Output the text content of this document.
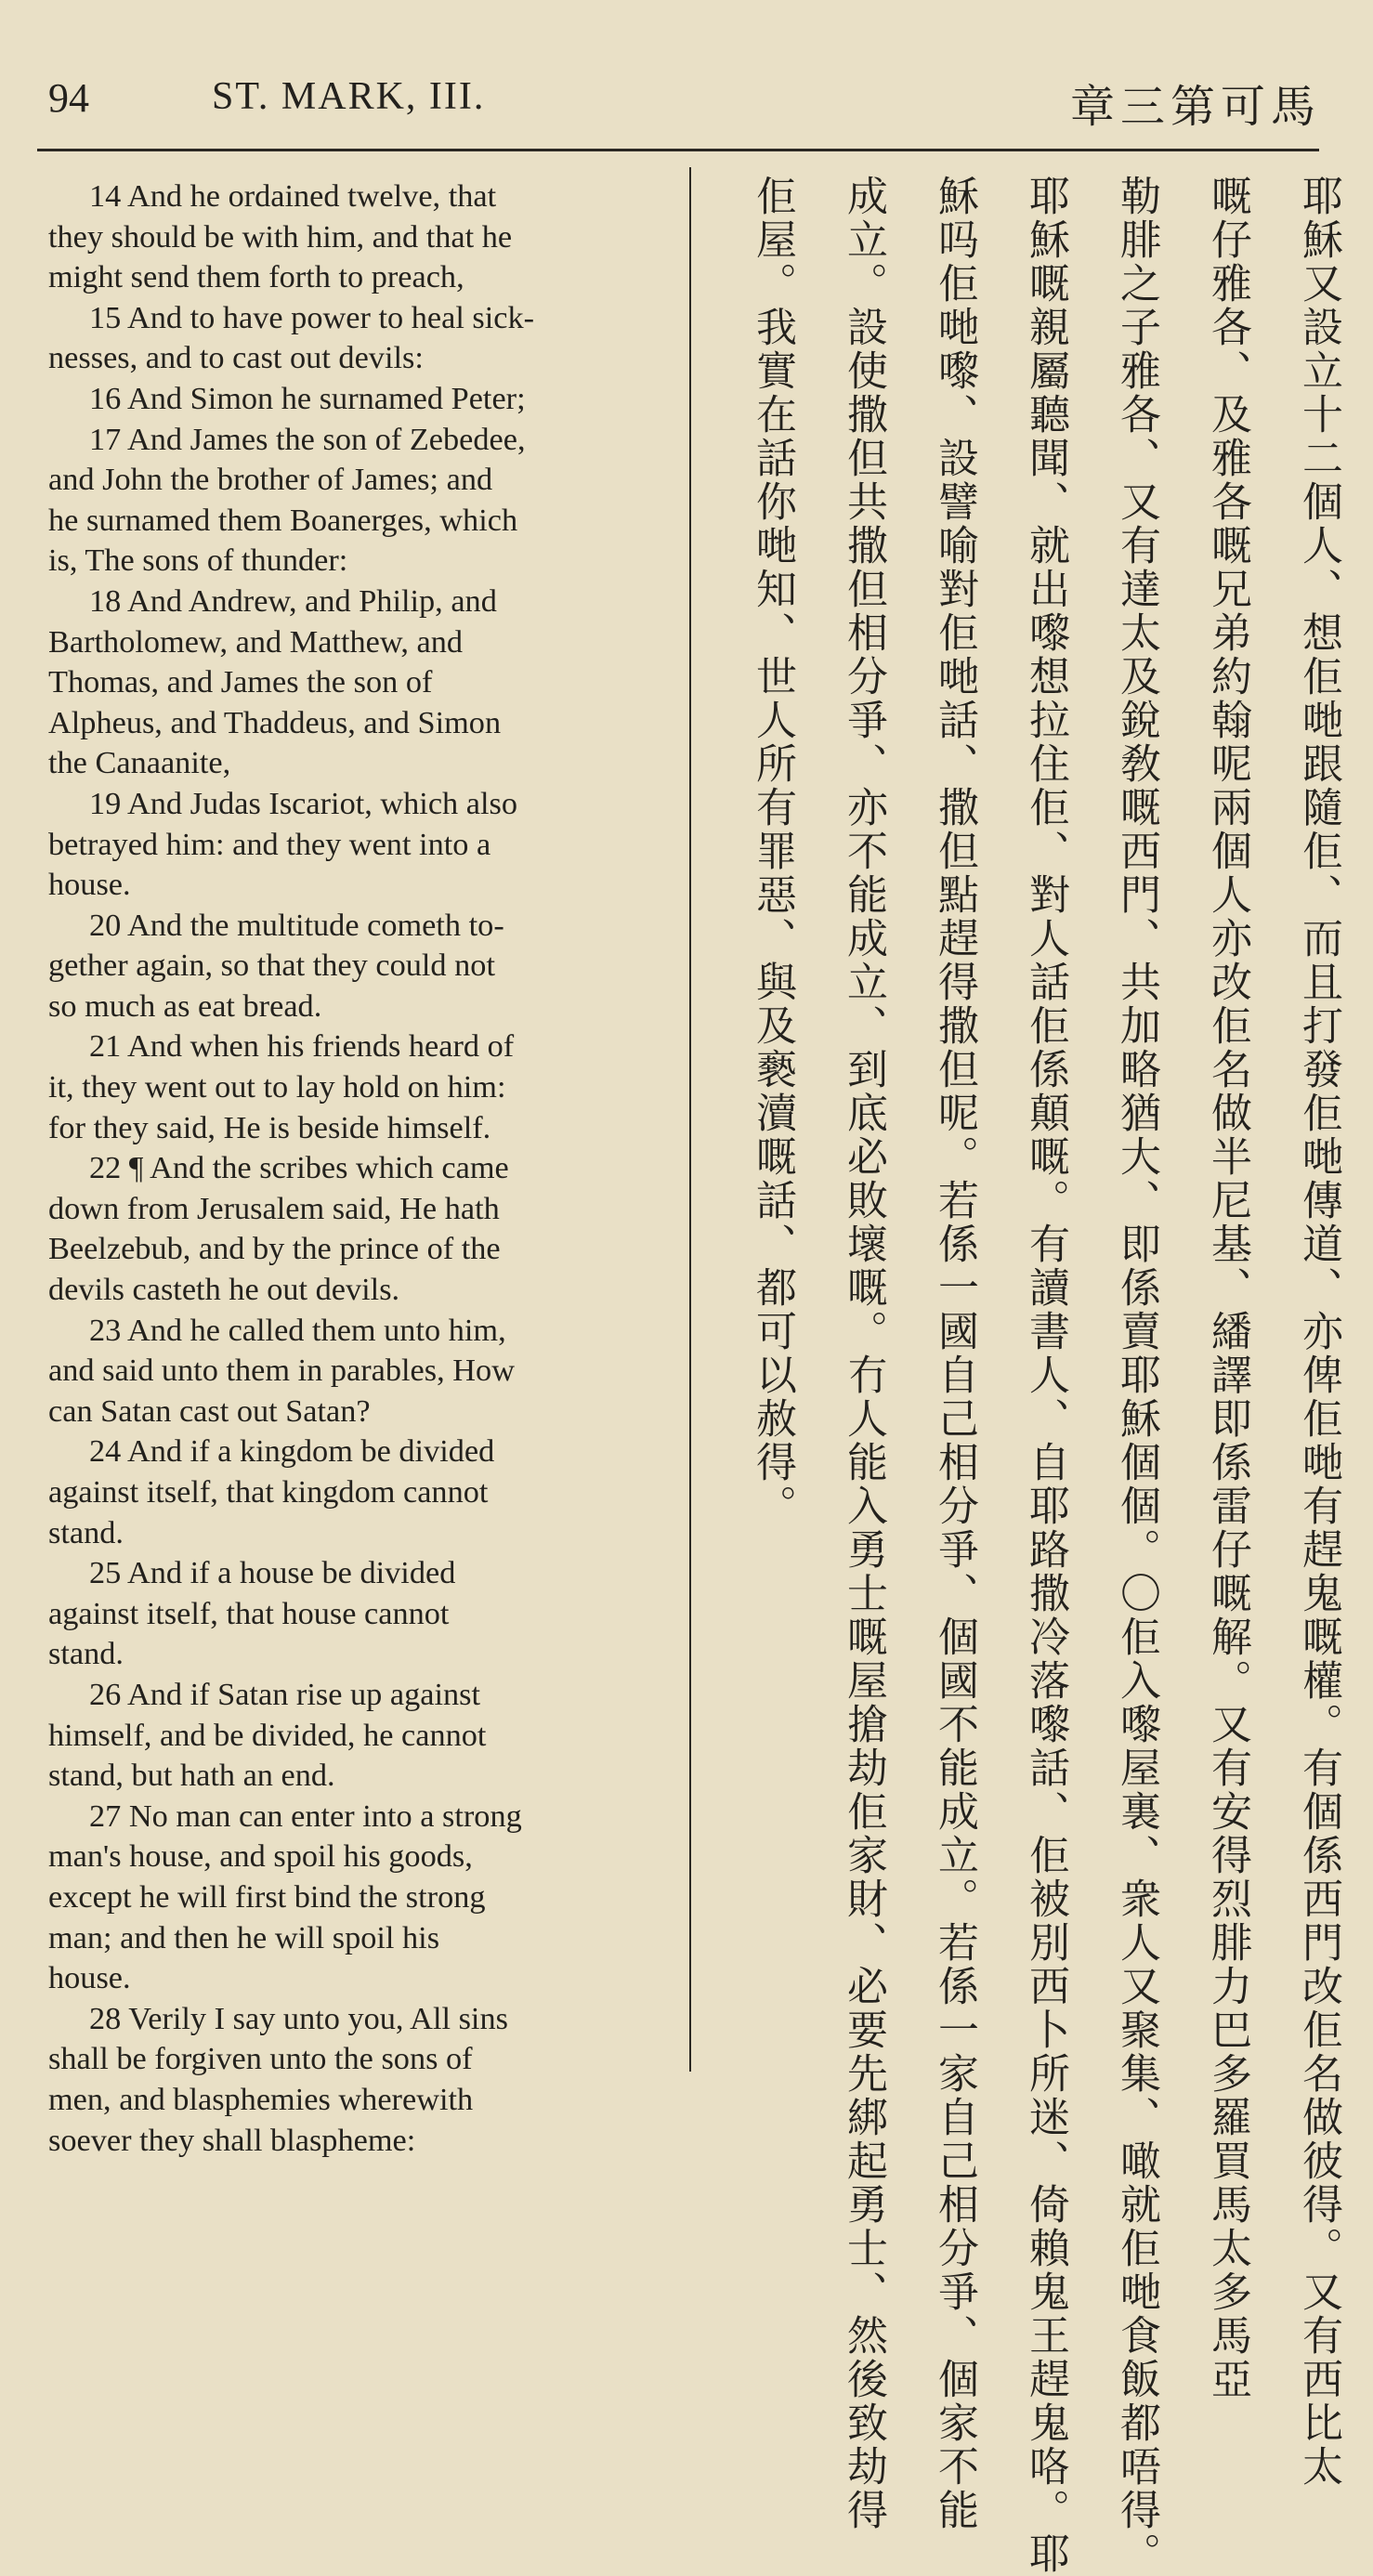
94	ST. MARK, III.	章三第可馬

14 And he ordained twelve, that
they should be with him, and that he
might send them forth to preach,

15 And to have power to heal sick-
nesses, and to cast out devils:

16 And Simon he surnamed Peter;

17 And James the son of Zebedee,
and John the brother of James; and
he surnamed them Boanerges, which
is, The sons of thunder:

18 And Andrew, and Philip, and
Bartholomew, and Matthew, and
Thomas, and James the son of
Alpheus, and Thaddeus, and Simon
the Canaanite,

19 And Judas Iscariot, which also
betrayed him: and they went into a
house.

20 And the multitude cometh to-
gether again, so that they could not
so much as eat bread.

21 And when his friends heard of
it, they went out to lay hold on him:
for they said, He is beside himself.

22 ¶ And the scribes which came
down from Jerusalem said, He hath
Beelzebub, and by the prince of the
devils casteth he out devils.

23 And he called them unto him,
and said unto them in parables, How
can Satan cast out Satan?

24 And if a kingdom be divided
against itself, that kingdom cannot
stand.

25 And if a house be divided
against itself, that house cannot
stand.

26 And if Satan rise up against
himself, and be divided, he cannot
stand, but hath an end.

27 No man can enter into a strong
man's house, and spoil his goods,
except he will first bind the strong
man; and then he will spoil his
house.

28 Verily I say unto you, All sins
shall be forgiven unto the sons of
men, and blasphemies wherewith
soever they shall blaspheme:	耶穌又設立十二個人、想佢哋跟隨佢、而且打發佢哋傳道、亦俾佢哋有趕鬼嘅權。有個係西門改佢名做彼得。又有西比太
嘅仔雅各、及雅各嘅兄弟約翰呢兩個人亦改佢名做半尼基、繙譯即係雷仔嘅解。又有安得烈腓力巴多羅買馬太多馬亞
勒腓之子雅各、又有達太及銳敎嘅西門、共加略猶大、即係賣耶穌個個。〇佢入嚟屋裏、衆人又聚集、噉就佢哋食飯都唔得。
耶穌嘅親屬聽聞、就出嚟想拉住佢、對人話佢係顛嘅。有讀書人、自耶路撒冷落嚟話、佢被別西卜所迷、倚賴鬼王趕鬼咯。耶
穌吗佢哋嚟、設譬喻對佢哋話、撒但點趕得撒但呢。若係一國自己相分爭、個國不能成立。若係一家自己相分爭、個家不能
成立。設使撒但共撒但相分爭、亦不能成立、到底必敗壞嘅。冇人能入勇士嘅屋搶劫佢家財、必要先綁起勇士、然後致劫得
佢屋。我實在話你哋知、世人所有罪惡、與及褻瀆嘅話、都可以赦得。
